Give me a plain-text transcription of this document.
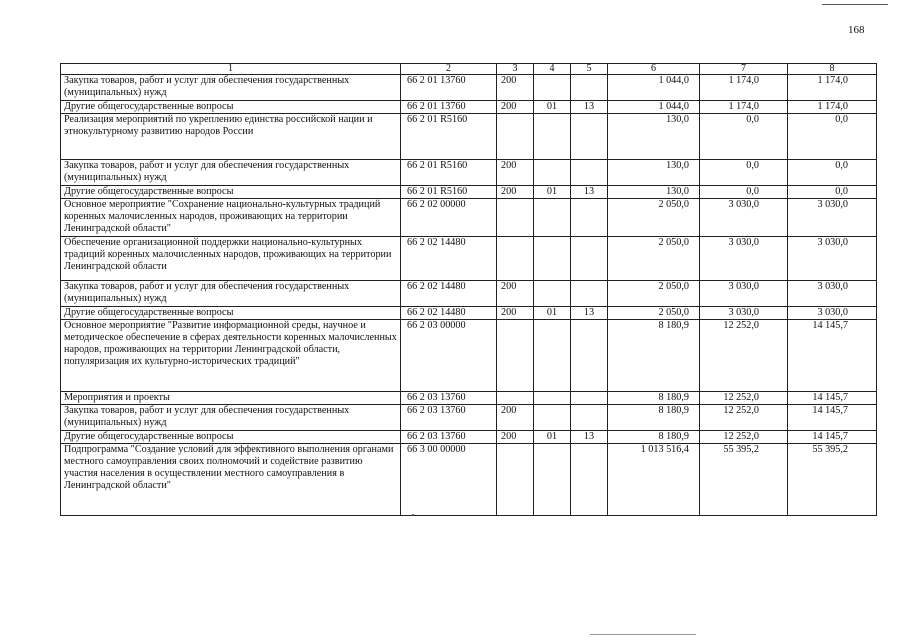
168
1	2	3	4	5	6	7	8
Закупка товаров, работ и услуг для обеспечения государственных (муниципальных) нужд	66 2 01 13760	200			1 044,0	1 174,0	1 174,0
Другие общегосударственные вопросы	66 2 01 13760	200	01	13	1 044,0	1 174,0	1 174,0
Реализация мероприятий по укреплению единства российской нации и этнокультурному развитию народов России	66 2 01 R5160				130,0	0,0	0,0
Закупка товаров, работ и услуг для обеспечения государственных (муниципальных) нужд	66 2 01 R5160	200			130,0	0,0	0,0
Другие общегосударственные вопросы	66 2 01 R5160	200	01	13	130,0	0,0	0,0
Основное мероприятие "Сохранение национально-культурных традиций коренных малочисленных народов, проживающих на территории Ленинградской области"	66 2 02 00000				2 050,0	3 030,0	3 030,0
Обеспечение организационной поддержки национально-культурных традиций коренных малочисленных народов, проживающих на территории Ленинградской области	66 2 02 14480				2 050,0	3 030,0	3 030,0
Закупка товаров, работ и услуг для обеспечения государственных (муниципальных) нужд	66 2 02 14480	200			2 050,0	3 030,0	3 030,0
Другие общегосударственные вопросы	66 2 02 14480	200	01	13	2 050,0	3 030,0	3 030,0
Основное мероприятие "Развитие информационной среды, научное и методическое обеспечение в сферах деятельности коренных малочисленных народов, проживающих на территории Ленинградской области, популяризация их культурно-исторических традиций"	66 2 03 00000				8 180,9	12 252,0	14 145,7
Мероприятия и проекты	66 2 03 13760				8 180,9	12 252,0	14 145,7
Закупка товаров, работ и услуг для обеспечения государственных (муниципальных) нужд	66 2 03 13760	200			8 180,9	12 252,0	14 145,7
Другие общегосударственные вопросы	66 2 03 13760	200	01	13	8 180,9	12 252,0	14 145,7
Подпрограмма "Создание условий для эффективного выполнения органами местного самоуправления своих полномочий и содействие развитию участия населения в осуществлении местного самоуправления в Ленинградской области"	66 3 00 00000				1 013 516,4	55 395,2	55 395,2
